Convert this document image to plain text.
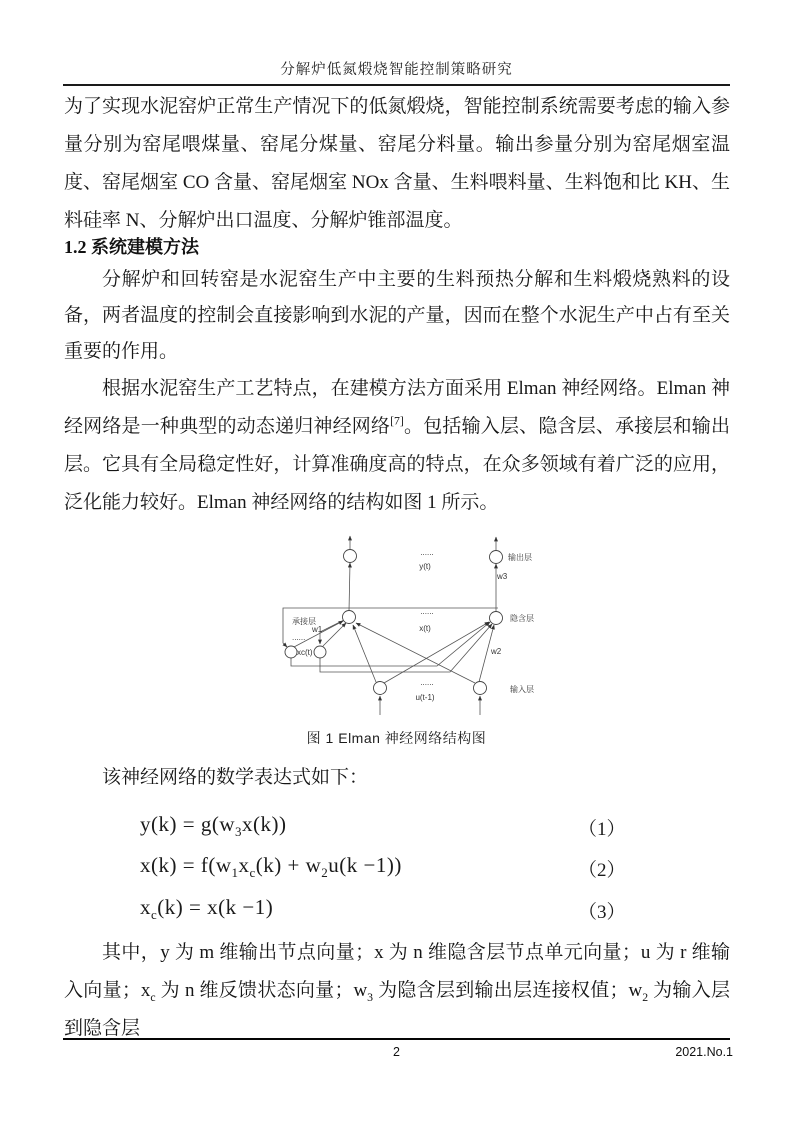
分解炉低氮煅烧智能控制策略研究
为了实现水泥窑炉正常生产情况下的低氮煅烧，智能控制系统需要考虑的输入参量分别为窑尾喂煤量、窑尾分煤量、窑尾分料量。输出参量分别为窑尾烟室温度、窑尾烟室 CO 含量、窑尾烟室 NOx 含量、生料喂料量、生料饱和比 KH、生料硅率 N、分解炉出口温度、分解炉锥部温度。
1.2 系统建模方法
分解炉和回转窑是水泥窑生产中主要的生料预热分解和生料煅烧熟料的设备，两者温度的控制会直接影响到水泥的产量，因而在整个水泥生产中占有至关重要的作用。
根据水泥窑生产工艺特点，在建模方法方面采用 Elman 神经网络。Elman 神经网络是一种典型的动态递归神经网络[7]。包括输入层、隐含层、承接层和输出层。它具有全局稳定性好，计算准确度高的特点，在众多领域有着广泛的应用，泛化能力较好。Elman 神经网络的结构如图 1 所示。
......
y(t)
输出层
w3
......
x(t)
隐含层
承接层
......
w1
xc(t)	w2
......
u(t-1)
输入层
图 1 Elman 神经网络结构图
该神经网络的数学表达式如下：
$y(k) = g(w_3x(k))$	（1）
$x(k) = f(w_1x_c(k) + w_2u(k -1))$	（2）
$x_c(k) = x(k -1)$	（3）
其中，y 为 m 维输出节点向量；x 为 n 维隐含层节点单元向量；u 为 r 维输入向量；$x_c$ 为 n 维反馈状态向量；$w_3$ 为隐含层到输出层连接权值；$w_2$ 为输入层到隐含层
2	2021.No.1
